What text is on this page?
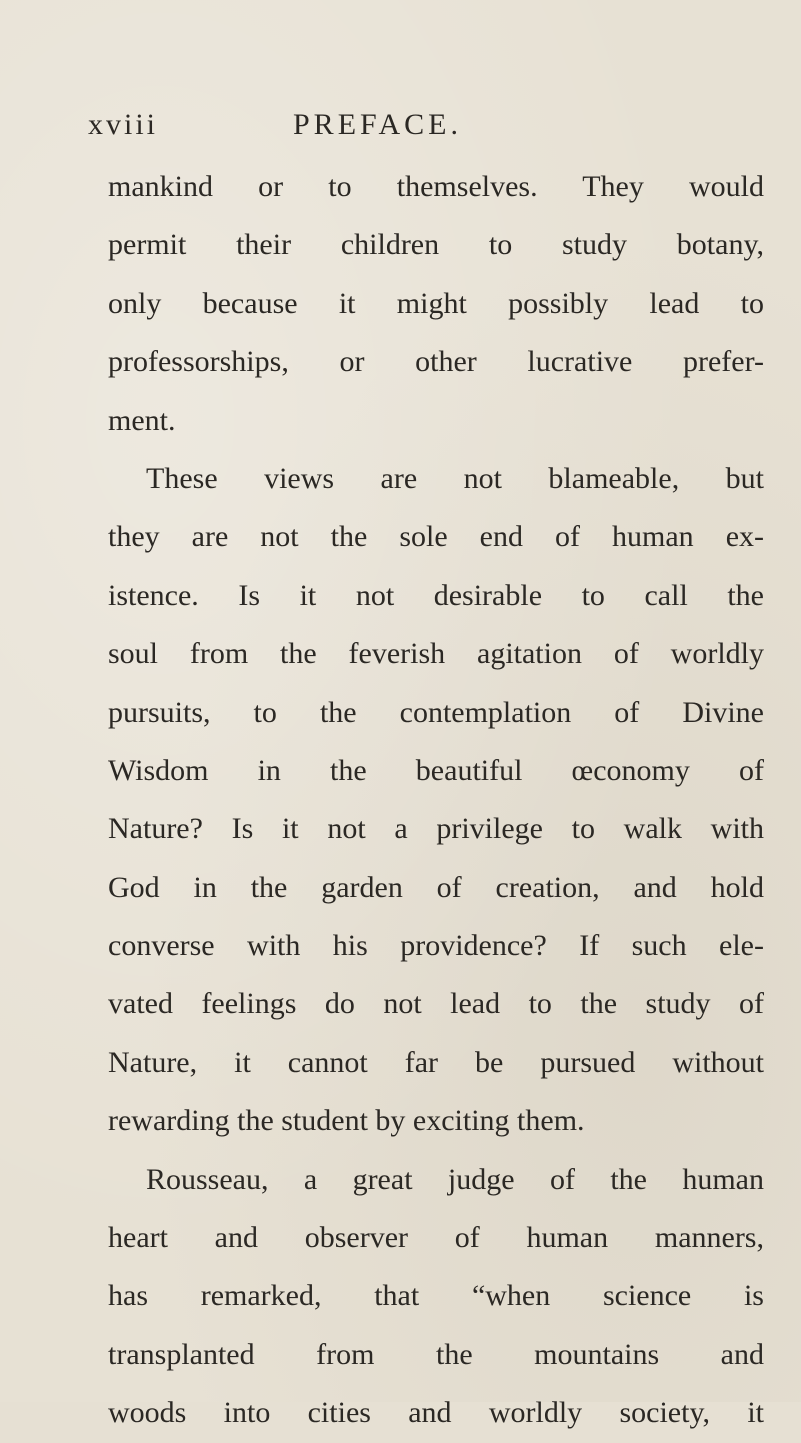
xviii	PREFACE.
mankind or to themselves. They would
permit their children to study botany,
only because it might possibly lead to
professorships, or other lucrative prefer-
ment.
These views are not blameable, but
they are not the sole end of human ex-
istence. Is it not desirable to call the
soul from the feverish agitation of worldly
pursuits, to the contemplation of Divine
Wisdom in the beautiful œconomy of
Nature? Is it not a privilege to walk with
God in the garden of creation, and hold
converse with his providence? If such ele-
vated feelings do not lead to the study of
Nature, it cannot far be pursued without
rewarding the student by exciting them.
Rousseau, a great judge of the human
heart and observer of human manners,
has remarked, that “when science is
transplanted from the mountains and
woods into cities and worldly society, it
